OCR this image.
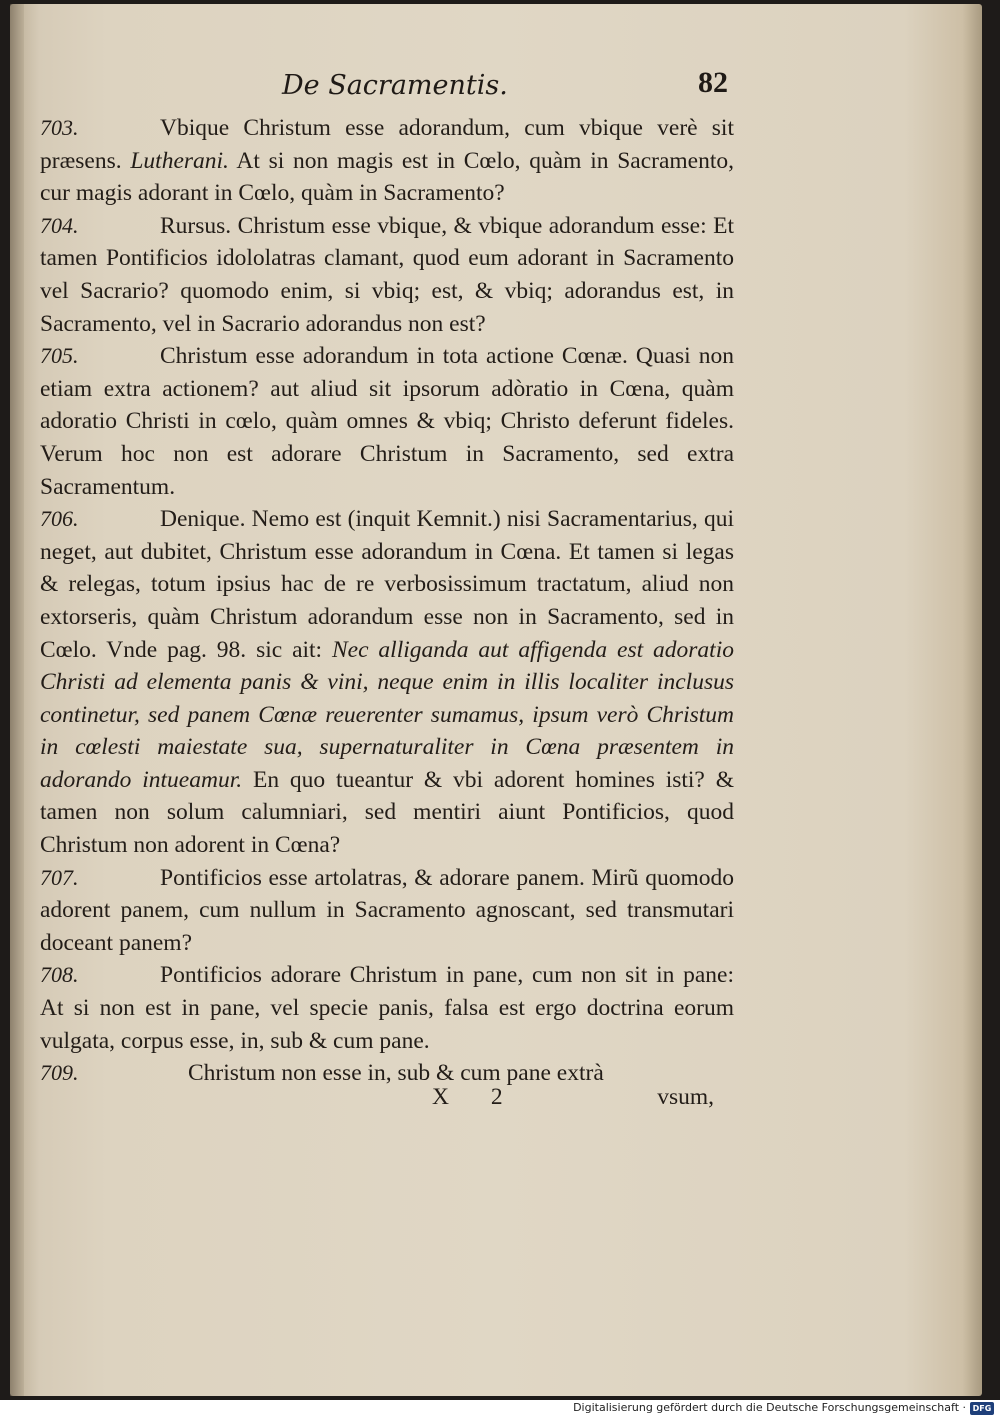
De Sacramentis.	82

703.	Vbique Christum esse adorandum, cum vbique verè sit præsens. Lutherani. At si non magis est in Cœlo, quàm in Sacramento, cur magis adorant in Cœlo, quàm in Sacramento?

704.	Rursus. Christum esse vbique, & vbique adorandum esse: Et tamen Pontificios idololatras clamant, quod eum adorant in Sacramento vel Sacrario? quomodo enim, si vbiq; est, & vbiq; adorandus est, in Sacramento, vel in Sacrario adorandus non est?

705.	Christum esse adorandum in tota actione Cœnæ. Quasi non etiam extra actionem? aut aliud sit ipsorum adòratio in Cœna, quàm adoratio Christi in cœlo, quàm omnes & vbiq; Christo deferunt fideles. Verum hoc non est adorare Christum in Sacramento, sed extra Sacramentum.

706.	Denique. Nemo est (inquit Kemnit.) nisi Sacramentarius, qui neget, aut dubitet, Christum esse adorandum in Cœna. Et tamen si legas & relegas, totum ipsius hac de re verbosissimum tractatum, aliud non extorseris, quàm Christum adorandum esse non in Sacramento, sed in Cœlo. Vnde pag. 98. sic ait: Nec alliganda aut affigenda est adoratio Christi ad elementa panis & vini, neque enim in illis localiter inclusus continetur, sed panem Cœnæ reuerenter sumamus, ipsum verò Christum in cœlesti maiestate sua, supernaturaliter in Cœna præsentem in adorando intueamur. En quo tueantur & vbi adorent homines isti? & tamen non solum calumniari, sed mentiri aiunt Pontificios, quod Christum non adorent in Cœna?

707.	Pontificios esse artolatras, & adorare panem. Mirũ quomodo adorent panem, cum nullum in Sacramento agnoscant, sed transmutari doceant panem?

708.	Pontificios adorare Christum in pane, cum non sit in pane: At si non est in pane, vel specie panis, falsa est ergo doctrina eorum vulgata, corpus esse, in, sub & cum pane.

709.	Christum non esse in, sub & cum pane extrà

X 2	vsum,
Digitalisierung gefördert durch die Deutsche Forschungsgemeinschaft · DFG
